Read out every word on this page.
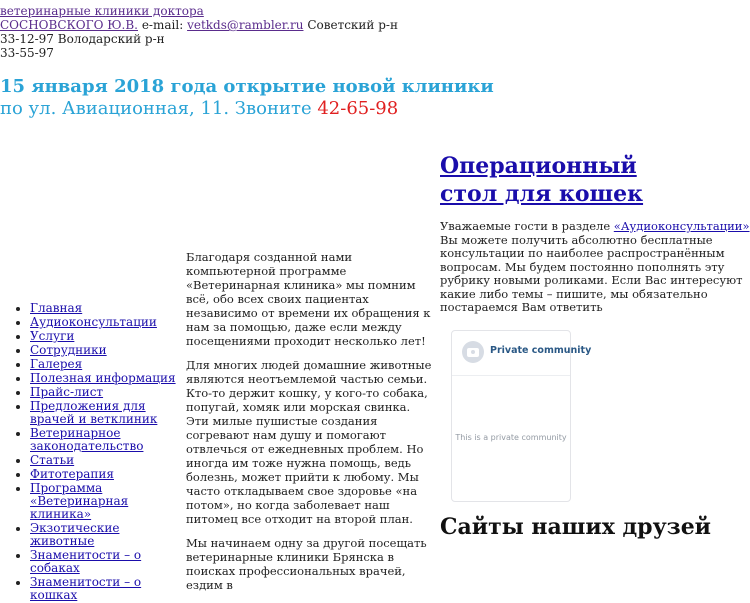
ветеринарные клиники доктора
СОСНОВСКОГО Ю.В. e-mail: vetkds@rambler.ru Советский р-н
33-12-97 Володарский р-н
33-55-97
15 января 2018 года открытие новой клиники
по ул. Авиационная, 11. Звоните 42-65-98
• Главная
• Аудиоконсультации
• Услуги
• Сотрудники
• Галерея
• Полезная информация
• Прайс-лист
• Предложения для врачей и ветклиник
• Ветеринарное законодательство
• Статьи
• Фитотерапия
• Программа «Ветеринарная клиника»
• Экзотические животные
• Знаменитости – о собаках
• Знаменитости – о кошках

Благодаря созданной нами компьютерной программе «Ветеринарная клиника» мы помним всё, обо всех своих пациентах независимо от времени их обращения к нам за помощью, даже если между посещениями проходит несколько лет!

Для многих людей домашние животные являются неотъемлемой частью семьи. Кто-то держит кошку, у кого-то собака, попугай, хомяк или морская свинка. Эти милые пушистые создания согревают нам душу и помогают отвлечься от ежедневных проблем. Но иногда им тоже нужна помощь, ведь болезнь, может прийти к любому. Мы часто откладываем свое здоровье «на потом», но когда заболевает наш питомец все отходит на второй план.

Мы начинаем одну за другой посещать ветеринарные клиники Брянска в поисках профессиональных врачей, ездим в

Операционный стол для кошек
Уважаемые гости в разделе «Аудиоконсультации»
Вы можете получить абсолютно бесплатные
консультации по наиболее распространённым
вопросам. Мы будем постоянно пополнять эту
рубрику новыми роликами. Если Вас интересуют
какие либо темы – пишите, мы обязательно
постараемся Вам ответить
Private community
This is a private community
Сайты наших друзей
